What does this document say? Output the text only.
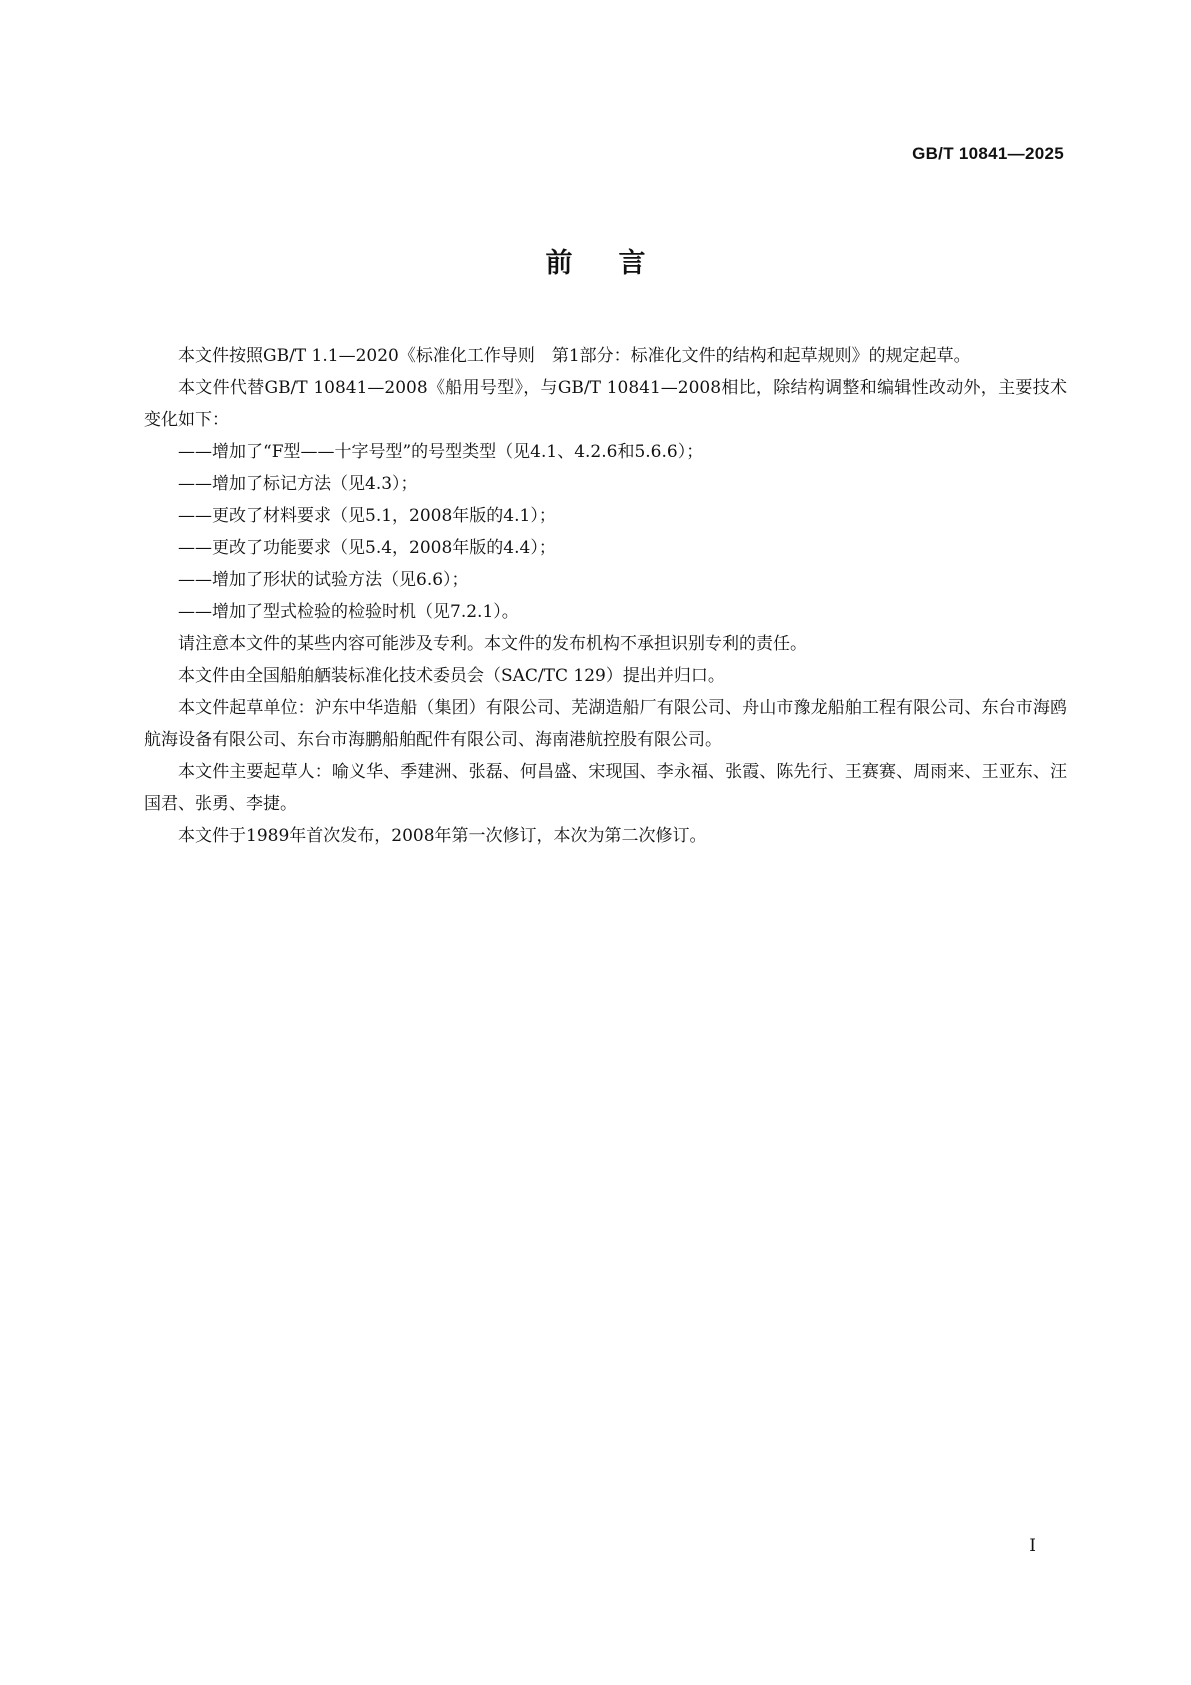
GB/T 10841—2025
前言

本文件按照GB/T 1.1—2020《标准化工作导则　第1部分：标准化文件的结构和起草规则》的规定起草。

本文件代替GB/T 10841—2008《船用号型》，与GB/T 10841—2008相比，除结构调整和编辑性改动外，主要技术变化如下：

——增加了“F型——十字号型”的号型类型（见4.1、4.2.6和5.6.6）；

——增加了标记方法（见4.3）；

——更改了材料要求（见5.1，2008年版的4.1）；

——更改了功能要求（见5.4，2008年版的4.4）；

——增加了形状的试验方法（见6.6）；

——增加了型式检验的检验时机（见7.2.1）。

请注意本文件的某些内容可能涉及专利。本文件的发布机构不承担识别专利的责任。

本文件由全国船舶舾装标准化技术委员会（SAC/TC 129）提出并归口。

本文件起草单位：沪东中华造船（集团）有限公司、芜湖造船厂有限公司、舟山市豫龙船舶工程有限公司、东台市海鸥航海设备有限公司、东台市海鹏船舶配件有限公司、海南港航控股有限公司。

本文件主要起草人：喻义华、季建洲、张磊、何昌盛、宋现国、李永福、张霞、陈先行、王赛赛、周雨来、王亚东、汪国君、张勇、李捷。

本文件于1989年首次发布，2008年第一次修订，本次为第二次修订。

I
